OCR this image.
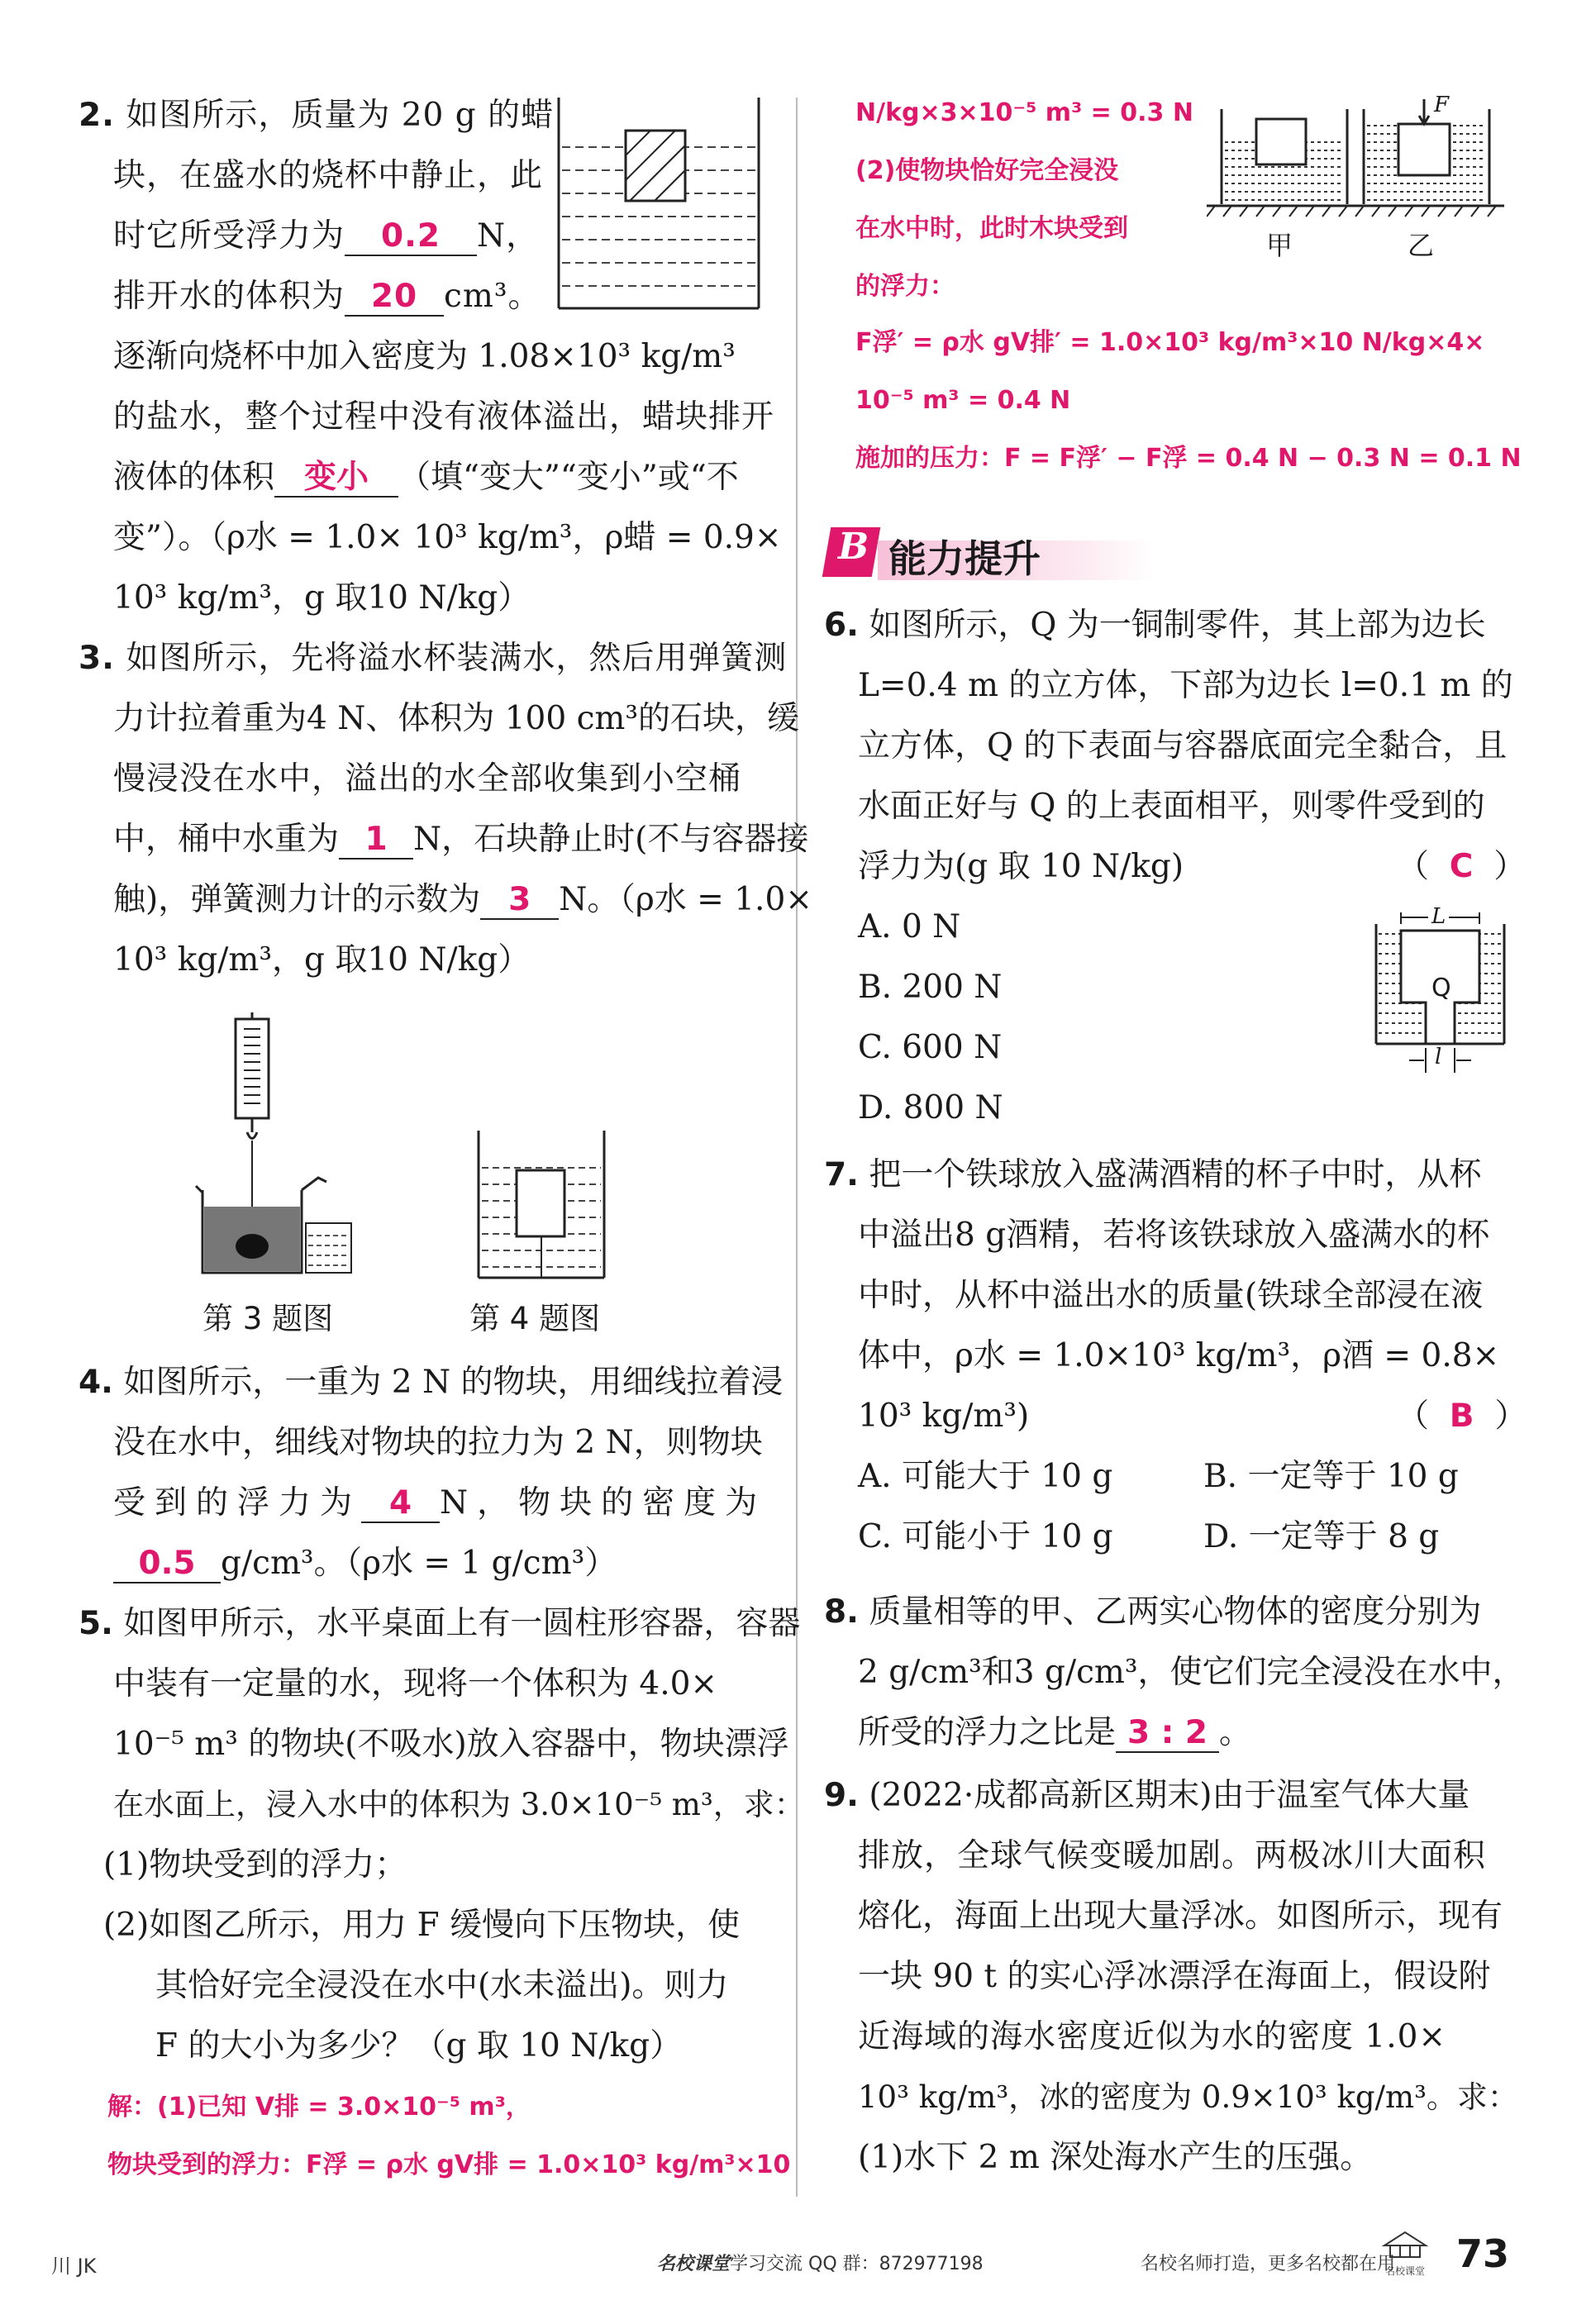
2. 如图所示，质量为 20 g 的蜡
块，在盛水的烧杯中静止，此
时它所受浮力为 0.2 N，
排开水的体积为 20 cm³。
逐渐向烧杯中加入密度为 1.08×10³ kg/m³
的盐水，整个过程中没有液体溢出，蜡块排开
液体的体积 变小 （填“变大”“变小”或“不
变”）。（ρ水 = 1.0× 10³ kg/m³，ρ蜡 = 0.9×
10³ kg/m³，g 取10 N/kg）
3. 如图所示，先将溢水杯装满水，然后用弹簧测
力计拉着重为4 N、体积为 100 cm³的石块，缓
慢浸没在水中，溢出的水全部收集到小空桶
中，桶中水重为 1 N，石块静止时(不与容器接
触)，弹簧测力计的示数为 3 N。（ρ水 = 1.0×
10³ kg/m³，g 取10 N/kg）
第 3 题图	第 4 题图
4. 如图所示，一重为 2 N 的物块，用细线拉着浸
没在水中，细线对物块的拉力为 2 N，则物块
受到的浮力为 4 N，物块的密度为
0.5 g/cm³。（ρ水 = 1 g/cm³）
5. 如图甲所示，水平桌面上有一圆柱形容器，容器
中装有一定量的水，现将一个体积为 4.0×
10⁻⁵ m³ 的物块(不吸水)放入容器中，物块漂浮
在水面上，浸入水中的体积为 3.0×10⁻⁵ m³，求：
(1)物块受到的浮力；
(2)如图乙所示，用力 F 缓慢向下压物块，使
其恰好完全浸没在水中(水未溢出)。则力
F 的大小为多少？（g 取 10 N/kg）
解：(1)已知 V排 = 3.0×10⁻⁵ m³，
物块受到的浮力：F浮 = ρ水 gV排 = 1.0×10³ kg/m³×10
N/kg×3×10⁻⁵ m³ = 0.3 N
(2)使物块恰好完全浸没
在水中时，此时木块受到
的浮力：
F浮′ = ρ水 gV排′ = 1.0×10³ kg/m³×10 N/kg×4×
10⁻⁵ m³ = 0.4 N
施加的压力：F = F浮′ − F浮 = 0.4 N − 0.3 N = 0.1 N
甲	乙
F
B 能力提升
6. 如图所示，Q 为一铜制零件，其上部为边长
L=0.4 m 的立方体，下部为边长 l=0.1 m 的
立方体，Q 的下表面与容器底面完全黏合，且
水面正好与 Q 的上表面相平，则零件受到的
浮力为(g 取 10 N/kg)	（  C  ）
A. 0 N
B. 200 N
C. 600 N
D. 800 N
L
Q
l
7. 把一个铁球放入盛满酒精的杯子中时，从杯
中溢出8 g酒精，若将该铁球放入盛满水的杯
中时，从杯中溢出水的质量(铁球全部浸在液
体中，ρ水 = 1.0×10³ kg/m³，ρ酒 = 0.8×
10³ kg/m³)	（  B  ）
A. 可能大于 10 g	B. 一定等于 10 g
C. 可能小于 10 g	D. 一定等于 8 g
8. 质量相等的甲、乙两实心物体的密度分别为
2 g/cm³和3 g/cm³，使它们完全浸没在水中，
所受的浮力之比是 3 : 2 。
9. (2022·成都高新区期末)由于温室气体大量
排放，全球气候变暖加剧。两极冰川大面积
熔化，海面上出现大量浮冰。如图所示，现有
一块 90 t 的实心浮冰漂浮在海面上，假设附
近海域的海水密度近似为水的密度 1.0×
10³ kg/m³，冰的密度为 0.9×10³ kg/m³。求：
(1)水下 2 m 深处海水产生的压强。
川 JK	名校课堂学习交流 QQ 群：872977198	名校名师打造，更多名校都在用
名校课堂 73
